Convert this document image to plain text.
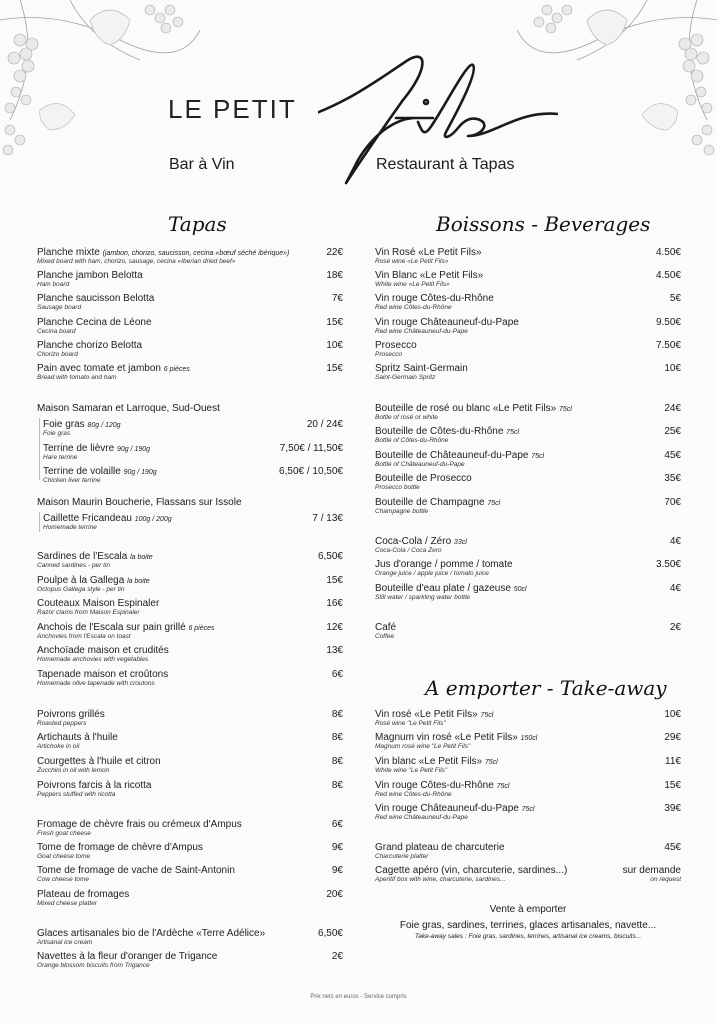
LE PETIT
Bar à Vin	Restaurant à Tapas
Tapas	Boissons - Beverages
A emporter - Take-away
Planche mixte (jambon, chorizo, saucisson, cecina «bœuf séché ibérique»)
Mixed board with ham, chorizo, sausage, cecina «Iberian dried beef»
22€
Planche jambon Belotta
Ham board
18€
Planche saucisson Belotta
Sausage board
7€
Planche Cecina de Léone
Cecina board
15€
Planche chorizo Belotta
Chorizo board
10€
Pain avec tomate et jambon 6 pièces
Bread with tomato and ham
15€
Maison Samaran et Larroque, Sud-Ouest
Foie gras 80g / 120g
Foie gras
20 / 24€
Terrine de lièvre 90g / 190g
Hare terrine
7,50€ / 11,50€
Terrine de volaille 90g / 190g
Chicken liver terrine
6,50€ / 10,50€
Maison Maurin Boucherie, Flassans sur Issole
Caillette Fricandeau 100g / 200g
Homemade terrine
7 / 13€
Sardines de l'Escala la boite
Canned sardines - per tin
6,50€
Poulpe à la Gallega la boite
Octopus Gallega style - per tin
15€
Couteaux Maison Espinaler
Razor clams from Maison Espinaler
16€
Anchois de l'Escala sur pain grillé 6 pièces
Anchovies from l'Escala on toast
12€
Anchoïade maison et crudités
Homemade anchovies with vegetables
13€
Tapenade maison et croûtons
Homemade olive tapenade with croutons
6€
Poivrons grillés
Roasted peppers
8€
Artichauts à l'huile
Artichoke in oil
8€
Courgettes à l'huile et citron
Zucchini in oil with lemon
8€
Poivrons farcis à la ricotta
Peppers stuffed with ricotta
8€
Fromage de chèvre frais ou crémeux d'Ampus
Fresh goat cheese
6€
Tome de fromage de chèvre d'Ampus
Goat cheese tome
9€
Tome de fromage de vache de Saint-Antonin
Cow cheese tome
9€
Plateau de fromages
Mixed cheese platter
20€
Glaces artisanales bio de l'Ardèche «Terre Adélice»
Artisanal ice cream
6,50€
Navettes à la fleur d'oranger de Trigance
Orange blossom biscuits from Trigance
2€
Vin Rosé «Le Petit Fils»
Rosé wine «Le Petit Fils»
4.50€
Vin Blanc «Le Petit Fils»
White wine «Le Petit Fils»
4.50€
Vin rouge Côtes-du-Rhône
Red wine Côtes-du-Rhône
5€
Vin rouge Châteauneuf-du-Pape
Red wine Châteauneuf-du-Pape
9.50€
Prosecco
Prosecco
7.50€
Spritz Saint-Germain
Saint-Germain Spritz
10€
Bouteille de rosé ou blanc «Le Petit Fils» 75cl
Bottle of rosé or white
24€
Bouteille de Côtes-du-Rhône 75cl
Bottle of Côtes-du-Rhône
25€
Bouteille de Châteauneuf-du-Pape 75cl
Bottle of Châteauneuf-du-Pape
45€
Bouteille de Prosecco
Prosecco bottle
35€
Bouteille de Champagne 75cl
Champagne bottle
70€
Coca-Cola / Zéro 33cl
Coca-Cola / Coca Zero
4€
Jus d'orange / pomme / tomate
Orange juice / apple juice / tomato juice
3.50€
Bouteille d'eau plate / gazeuse 50cl
Still water / sparkling water bottle
4€
Café
Coffee
2€
Vin rosé «Le Petit Fils» 75cl
Rosé wine "Le Petit Fils"
10€
Magnum vin rosé «Le Petit Fils» 150cl
Magnum rosé wine "Le Petit Fils"
29€
Vin blanc «Le Petit Fils» 75cl
White wine "Le Petit Fils"
11€
Vin rouge Côtes-du-Rhône 75cl
Red wine Côtes-du-Rhône
15€
Vin rouge Châteauneuf-du-Pape 75cl
Red wine Châteauneuf-du-Pape
39€
Grand plateau de charcuterie
Charcuterie platter
45€
Cagette apéro (vin, charcuterie, sardines...)
Aperitif box with wine, charcuterie, sardines...
sur demande
on request
Vente à emporter
Foie gras, sardines, terrines, glaces artisanales, navette...
Take-away sales : Foie gras, sardines, terrines, artisanal ice creams, biscuits...
Prix nets en euros - Service compris
